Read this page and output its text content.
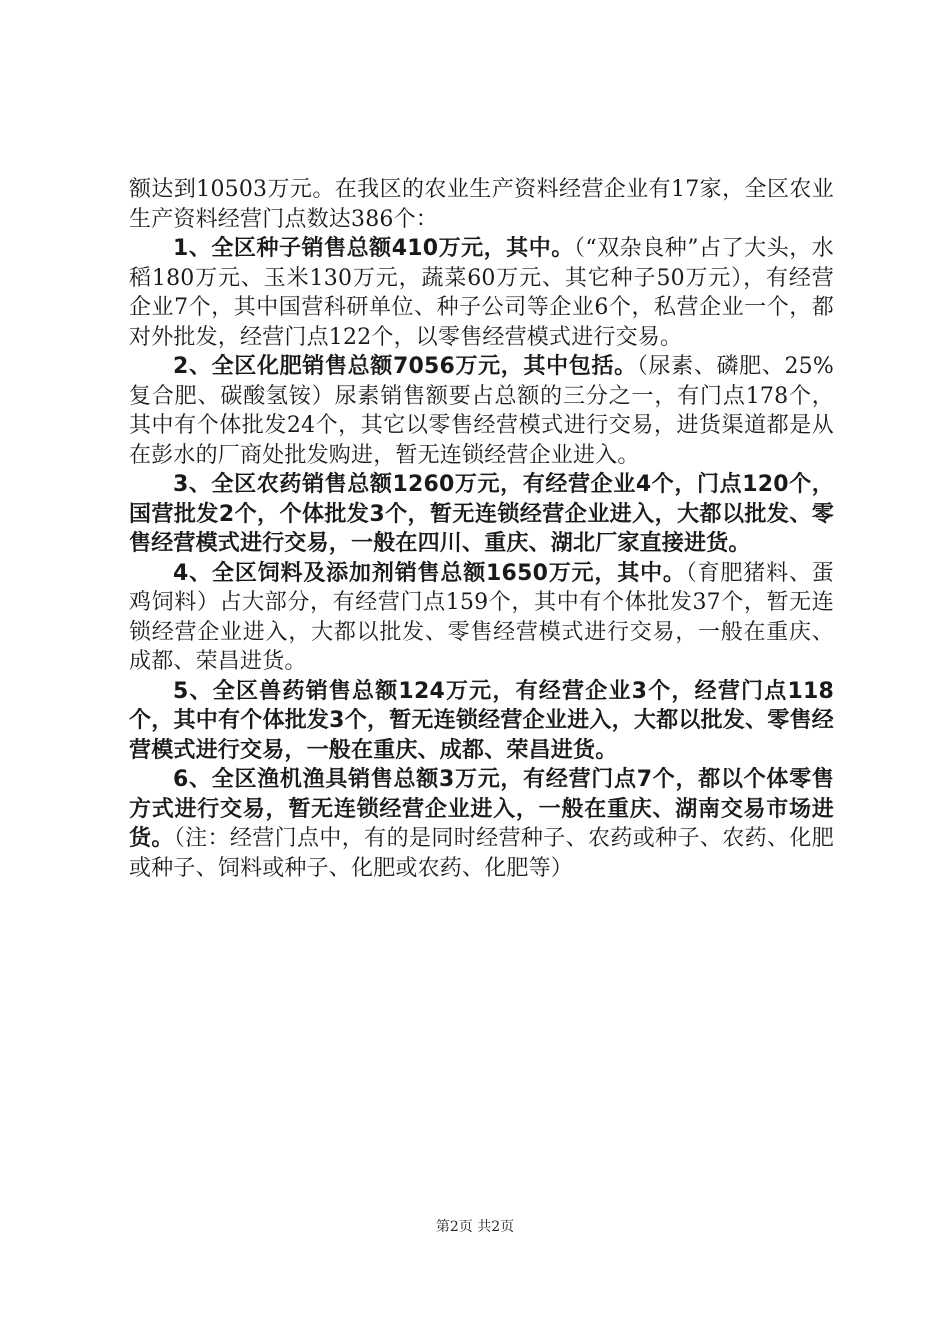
额达到10503万元。在我区的农业生产资料经营企业有17家，全区农业生产资料经营门点数达386个：

1、全区种子销售总额410万元，其中。（“双杂良种”占了大头，水稻180万元、玉米130万元，蔬菜60万元、其它种子50万元），有经营企业7个，其中国营科研单位、种子公司等企业6个，私营企业一个，都对外批发，经营门点122个，以零售经营模式进行交易。

2、全区化肥销售总额7056万元，其中包括。（尿素、磷肥、25%复合肥、碳酸氢铵）尿素销售额要占总额的三分之一，有门点178个，其中有个体批发24个，其它以零售经营模式进行交易，进货渠道都是从在彭水的厂商处批发购进，暂无连锁经营企业进入。

3、全区农药销售总额1260万元，有经营企业4个，门点120个，国营批发2个，个体批发3个，暂无连锁经营企业进入，大都以批发、零售经营模式进行交易，一般在四川、重庆、湖北厂家直接进货。

4、全区饲料及添加剂销售总额1650万元，其中。（育肥猪料、蛋鸡饲料）占大部分，有经营门点159个，其中有个体批发37个，暂无连锁经营企业进入，大都以批发、零售经营模式进行交易，一般在重庆、成都、荣昌进货。

5、全区兽药销售总额124万元，有经营企业3个，经营门点118个，其中有个体批发3个，暂无连锁经营企业进入，大都以批发、零售经营模式进行交易，一般在重庆、成都、荣昌进货。

6、全区渔机渔具销售总额3万元，有经营门点7个，都以个体零售方式进行交易，暂无连锁经营企业进入，一般在重庆、湖南交易市场进货。（注：经营门点中，有的是同时经营种子、农药或种子、农药、化肥或种子、饲料或种子、化肥或农药、化肥等）

第2页 共2页
